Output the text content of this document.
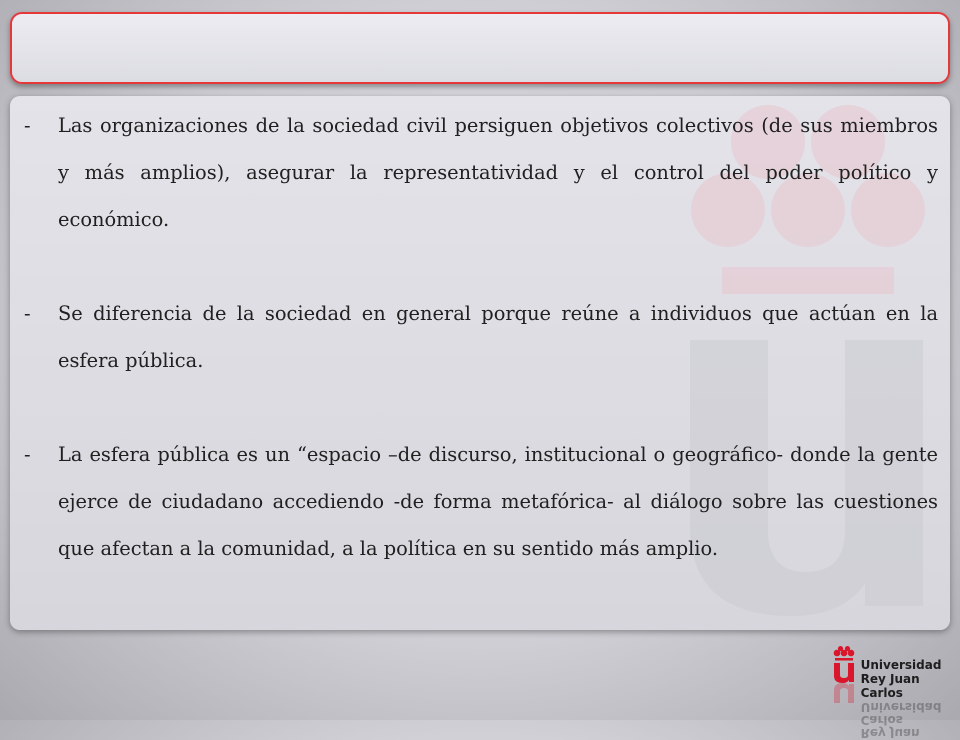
-	Las organizaciones de la sociedad civil persiguen objetivos colectivos (de sus miembros y más amplios), asegurar la representatividad y el control del poder político y económico.
-	Se diferencia de la sociedad en general porque reúne a individuos que actúan en la esfera pública.
-	La esfera pública es un “espacio –de discurso, institucional o geográfico- donde la gente ejerce de ciudadano accediendo -de forma metafórica- al diálogo sobre las cuestiones que afectan a la comunidad, a la política en su sentido más amplio.
Universidad
Rey Juan Carlos
Rey Juan Carlos
Universidad
